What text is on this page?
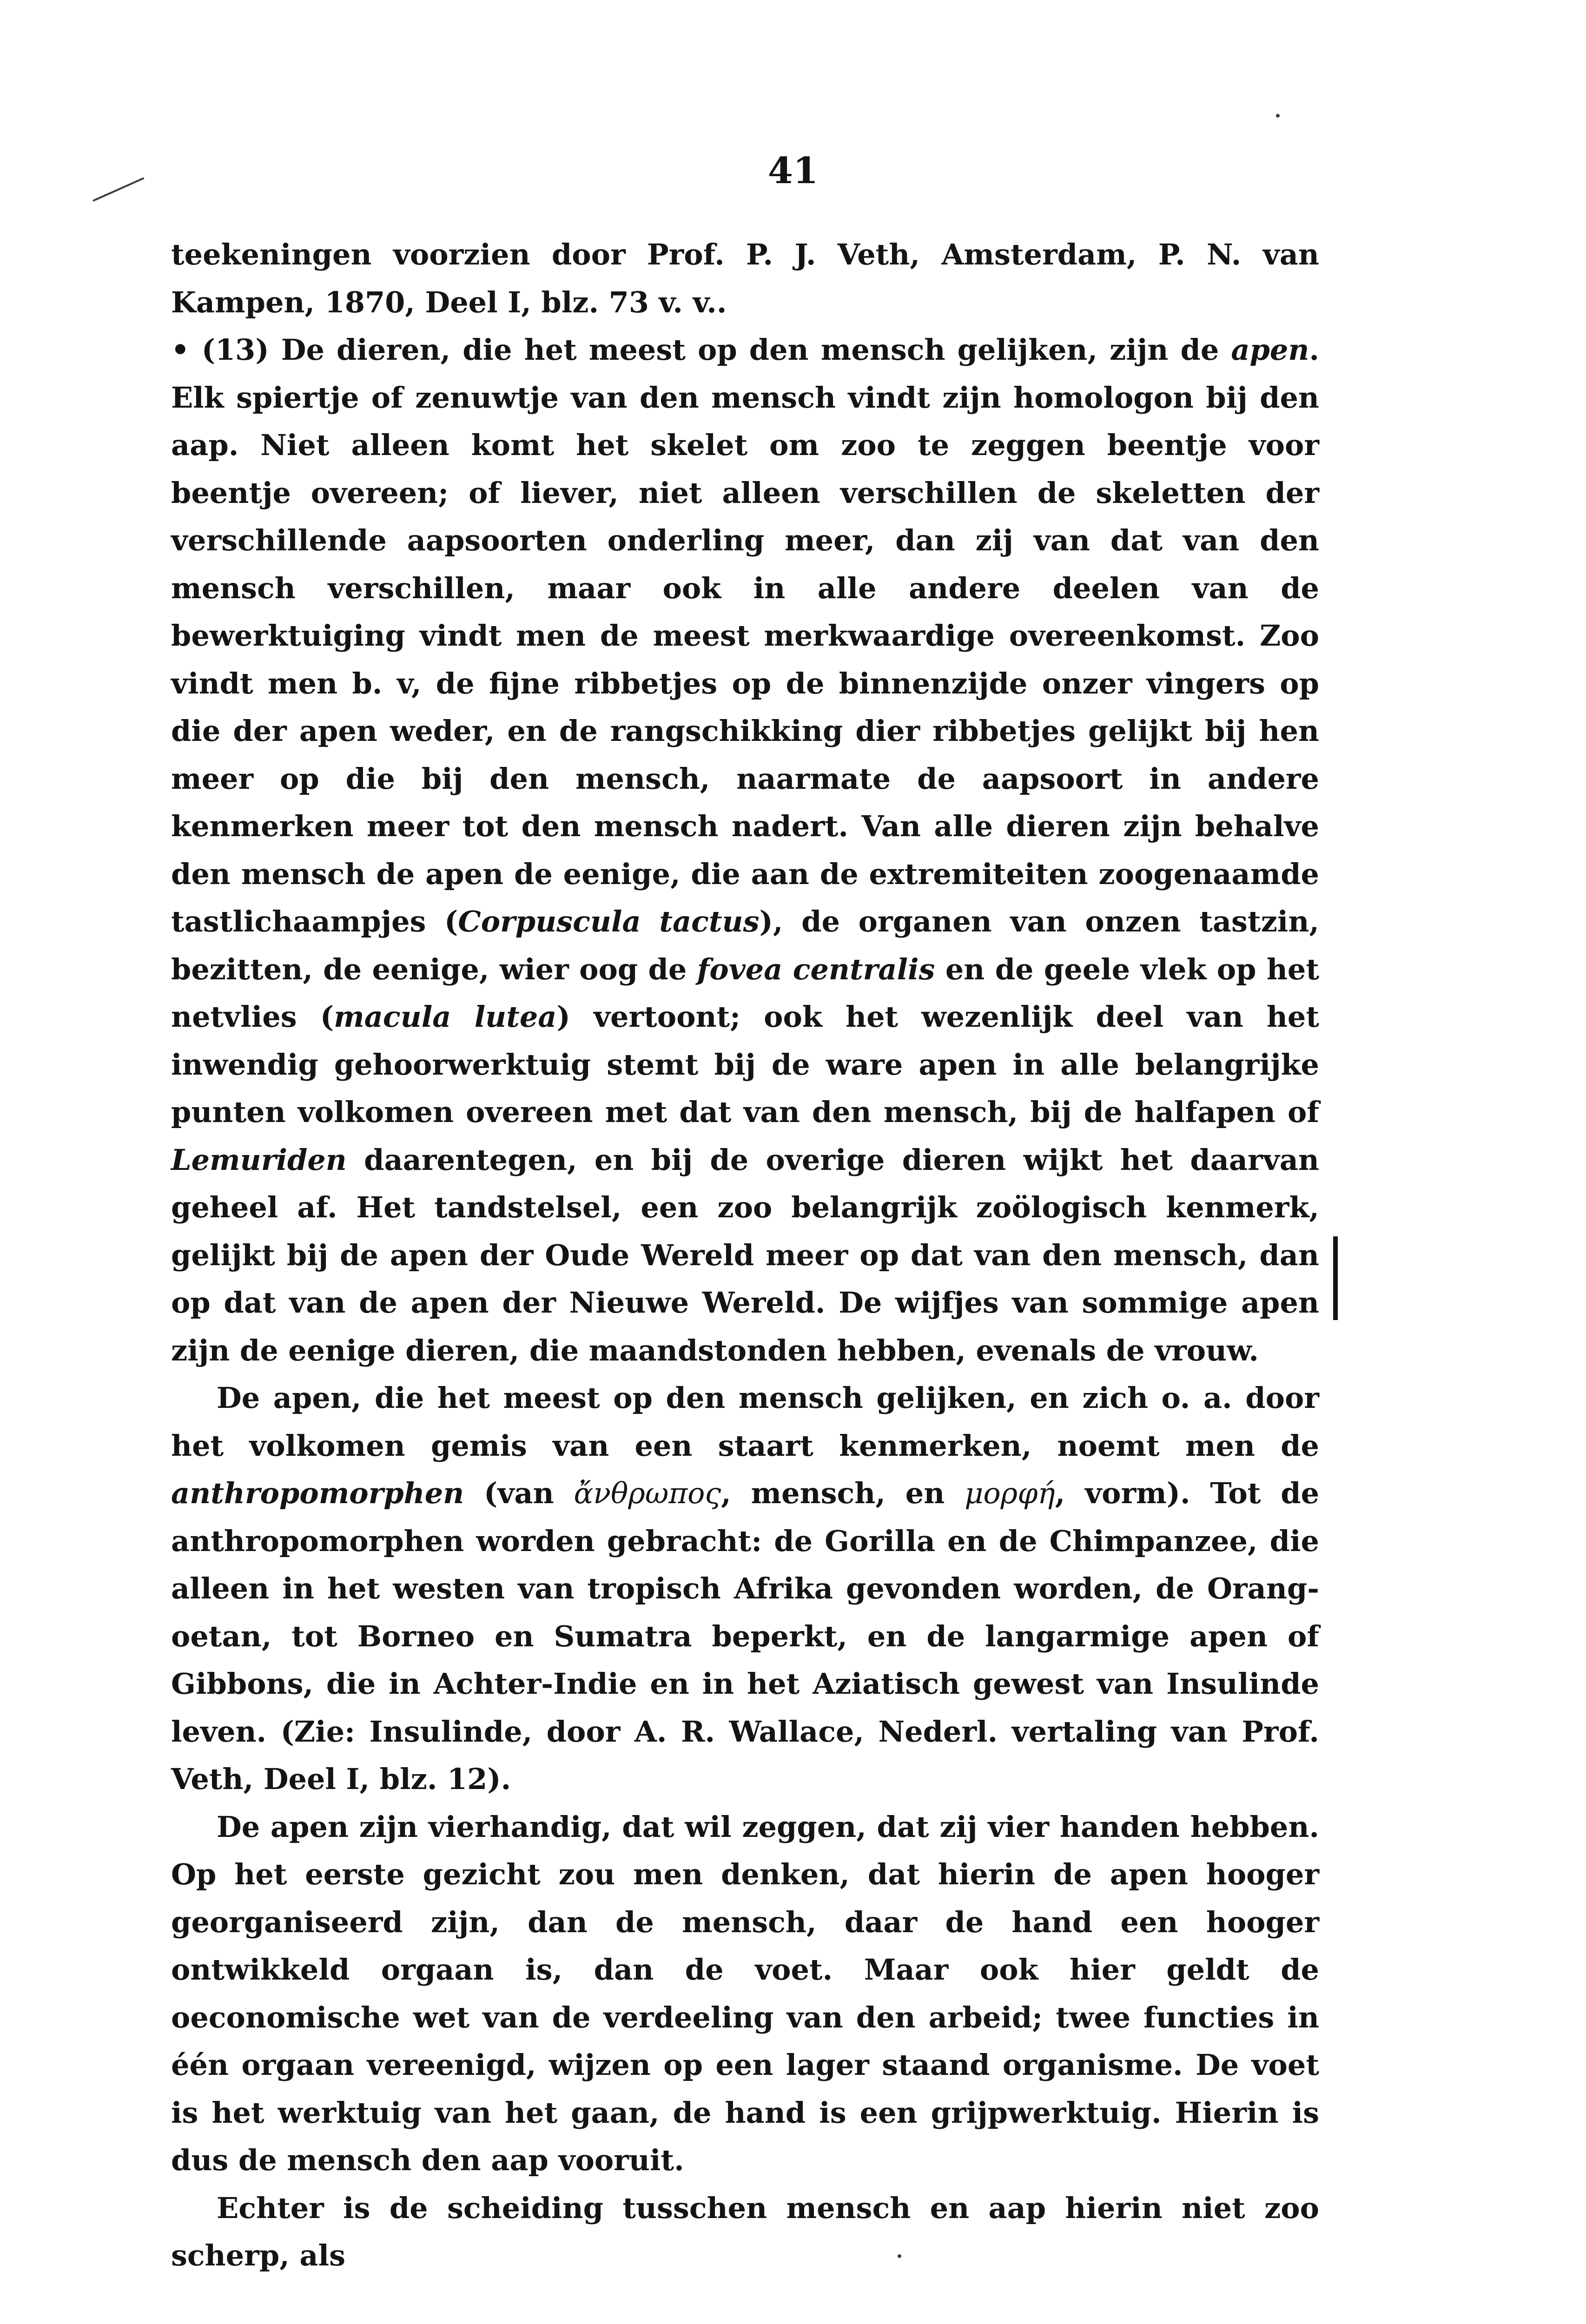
41

teekeningen voorzien door Prof. P. J. Veth, Amsterdam, P. N. van Kampen, 1870, Deel I, blz. 73 v. v..

• (13) De dieren, die het meest op den mensch gelijken, zijn de apen. Elk spiertje of zenuwtje van den mensch vindt zijn homologon bij den aap. Niet alleen komt het skelet om zoo te zeggen beentje voor beentje overeen; of liever, niet alleen verschillen de skeletten der verschillende aapsoorten onderling meer, dan zij van dat van den mensch verschillen, maar ook in alle andere deelen van de bewerktuiging vindt men de meest merkwaardige overeenkomst. Zoo vindt men b. v, de fijne ribbetjes op de binnenzijde onzer vingers op die der apen weder, en de rangschikking dier ribbetjes gelijkt bij hen meer op die bij den mensch, naarmate de aapsoort in andere kenmerken meer tot den mensch nadert. Van alle dieren zijn behalve den mensch de apen de eenige, die aan de extremiteiten zoogenaamde tastlichaampjes (Corpuscula tactus), de organen van onzen tastzin, bezitten, de eenige, wier oog de fovea centralis en de geele vlek op het netvlies (macula lutea) vertoont; ook het wezenlijk deel van het inwendig gehoorwerktuig stemt bij de ware apen in alle belangrijke punten volkomen overeen met dat van den mensch, bij de halfapen of Lemuriden daarentegen, en bij de overige dieren wijkt het daarvan geheel af. Het tandstelsel, een zoo belangrijk zoölogisch kenmerk, gelijkt bij de apen der Oude Wereld meer op dat van den mensch, dan op dat van de apen der Nieuwe Wereld. De wijfjes van sommige apen zijn de eenige dieren, die maandstonden hebben, evenals de vrouw.

De apen, die het meest op den mensch gelijken, en zich o. a. door het volkomen gemis van een staart kenmerken, noemt men de anthropomorphen (van ἄνθρωπος, mensch, en μορφή, vorm). Tot de anthropomorphen worden gebracht: de Gorilla en de Chimpanzee, die alleen in het westen van tropisch Afrika gevonden worden, de Orang-oetan, tot Borneo en Sumatra beperkt, en de langarmige apen of Gibbons, die in Achter-Indie en in het Aziatisch gewest van Insulinde leven. (Zie: Insulinde, door A. R. Wallace, Nederl. vertaling van Prof. Veth, Deel I, blz. 12).

De apen zijn vierhandig, dat wil zeggen, dat zij vier handen hebben. Op het eerste gezicht zou men denken, dat hierin de apen hooger georganiseerd zijn, dan de mensch, daar de hand een hooger ontwikkeld orgaan is, dan de voet. Maar ook hier geldt de oeconomische wet van de verdeeling van den arbeid; twee functies in één orgaan vereenigd, wijzen op een lager staand organisme. De voet is het werktuig van het gaan, de hand is een grijpwerktuig. Hierin is dus de mensch den aap vooruit.

Echter is de scheiding tusschen mensch en aap hierin niet zoo scherp, als
